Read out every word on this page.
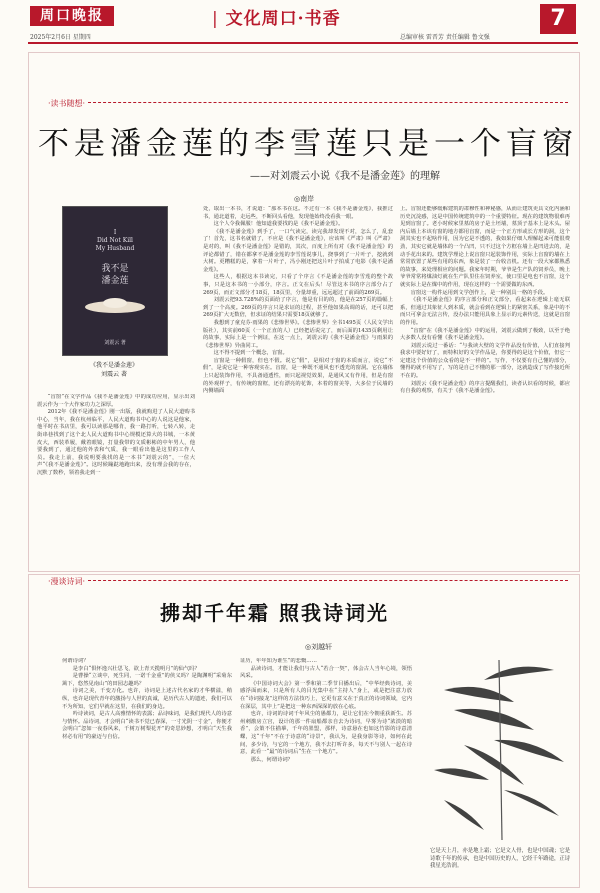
周口晚报	| 文化周口·书香	7
2025年2月6日 星期四	总编审核 雷晋芳 责任编辑 鲁文强
·读书随想·
不是潘金莲的李雪莲只是一个盲窗
——对刘震云小说《我不是潘金莲》的理解
◎南岸
I
Did Not Kill
My Husband
我不是
潘金莲
刘震云 著
《我不是潘金莲》
刘震云 著

“盲窗”在文学作品《我不是潘金莲》中的成功应用，显示出刘震云作为一个大作家功力之深厚。

2012年《我不是潘金莲》刚一出版，我就购进了人民大道购书中心，当年，我在杭州临平，人民大道购书中心的人说这是他家，他平时在书店里，我可以读那是哪肯，我一路打听，七转八转，走街串巷找到了这个北人民大道购书中心规模还算大的书城，一本黄皮大，西装革履，戴着眼镜，打量我带的文质彬彬的中年男人，他要我到了，通过他的外表和气质，我一眼看出他是这里的工作人员。我走上前，我说明要我找的是一本书“刘震云的”，一位大声“《我不是潘金莲》”。这时候蹦跶地跑出来，没有理会我的存在，沉默了数秒，领着我走到一

处，取出一本书，才说道：“那本书在这。不过有一本《我不是潘金莲》，我推过书，通北道着，走远些，不断回头看他，发现他始终没看我一眼。

这个人令我佩服！他知道我要找的是《我不是潘金莲》。

《我不是潘金莲》到手了，一口气读完，读完我却发现不对，怎么了，乱套了！首先，这书名就错了，不应是《我不是潘金莲》，应该叫《严肃》叫《严肃》是对的，叫《我不是潘金莲》是错的，其次，百度上所有对《我不是潘金莲》的评论都错了，错在都拿不是潘金莲的李雪莲说事儿，挠事到了一片叶子，挖就到大树。更糟糕的是，拿着一片叶子，冯小刚还把这片叶子拍成了电影《我不是潘金莲》。

这些人，根据这本书读完，只看了个序言《不是潘金莲的李雪莲的整个故事，只是这本书的一小部分，序言。正文在后头！尽管这本书的序言部分占了269页，而正文部分才18页，18页里，分量却重，远远超过了前面的269页。

刘震云把93.728%的页面给了序言，他是有目的的，他是在257页的篇幅上到了一个高度。269页的序言只是求证的过程，甚至他如果高调的话，还可以把269页扩大无数倍，但求证的结果只需要18页就够了。

我想到了童克芬·雨果的《悲惨世界》。《悲惨世界》全书1495页（人民文学出版社），其实前60页（一个正直的人）已经把话说完了，而后面的1435页剩用让的故事，实际上是一个例证，在这一点上，刘震云的《我不是潘金莲》与雨果的《悲惨世界》异曲同工。

这不得不提到一个概念，盲窗。

盲窗是一种假窗，但也不假。说它“假”，是相对于窗的本质而言，说它“不假”，是说它是一种客观实在。盲窗，是一种既不通风也不透光的窗洞。它在墙体上只起装饰作用，不具备通透性，而只起视觉效果，是通风又有作用，但是有窗的外观样子，有传统的窗框，还有漂亮的花饰，本着的窗美等，大多位于民墙的内侧墙面

上。盲窗还能够缓解建筑的肃穆性和神秘感，从而让建筑更具文化内涵和历史沉淀感，这是中国传统建筑中的一个重要特征。现在的建筑物很难再见到盲窗了。老小时候家里墓的房子是土坯墙，墓顶子基本上是木头。屋内后墙上本该有窗的地方都用盲窗，而是一个正方形或长方形的洞，这个洞其实也不起啥作用，因为它是不透的，我如果仔细人理解起来可能很费劲，其实它就是墙体的一个凸凹，只不过这个方框在墙上是凹进去的，是动手花出来的。建筑学理论上说盲窗只起装饰作用，实际上盲窗的墙在上常常放置了某些有用的东西，象是装了一台收音机。还有一段大家都熟悉的故事，来处理相应的问题。我家年时期，爷爷是生产队的饲养员，晚上爷爷常常将煤油灯就在生产队里住在饲养室，使口里是电也不盲窗，这个就实际上是在煤中的作用，现在这样的一个需要做的东西。

盲窗这一构件运用到文学创作上，是一种别具一格的手段。

《我不是潘金莲》的序言部分和正文部分，看起来在逻辑上毫无联系，但通过其象征人到本质，就会看到在逻辑上的紧密关系，象是中的不而只可拿会无法言传，没办法只能用具象上显示的元素传送，这就是盲窗的作用。

“盲窗”在《我不是潘金莲》中的运用，刘震云做到了极致，以至于绝大多数人没有看懂《我不是潘金莲》。

刘震云说过一番话：“与我读大壁的文学作品没有价值，人们直接判我求中要好好了，而特积好的文学作品是，你要得的是这个价值，但它一定建这个价值的公众看的是不一样的”。写作，不仅要有自己懂的部分，懂得的就不用写了，写的是自己不懂的那一部分，这就造成了写作接近所不在的。

刘震云《我不是潘金莲》的序言提醒我们，读者认识看的时候，都应有自我的观察，有关于《我不是潘金莲》。

·漫谈诗词·
拂却千年霜 照我诗词光
◎刘越轩

何谓诗词？

是李白“俱怀逸兴壮思飞，欲上青天揽明月”的仙气吗？

是曹操“立谈中，死生同，一诺千金重”的侠义吗？是陶渊明“采菊东篱下，悠然见南山”的田园志趣吗？

诗词之美，千变万化。也许，诗词是上述古代名家的才华横溢，稍纵，也许是现代青年的激扬与人世的真诚，是历代古人的遗迹，我们可以不为所知，它们早就在这里，在我们的身边。

吟诗读词，是古人高雅情怀的表露；品诗味词，是我们现代人的诗意与情怀。品诗词，才会明白“读书不觉已春深，一寸光阴一寸金”，你便才会明白“忽如一夜春风来，千树万树梨花开”的奇思妙想，才明白“天生我材必有用”的豪迈与自信。

证历，年年知为谁生”的悲慨……

品读诗词，才能让我们与古人“若合一契”，体会古人当年心境，领悟风采。

《中国诗词大会》第一季和第二季节目播出后，“中华经典诗词，美感浮面而来，只是所有人的目光集中在“主持人”身上，或是把注意力放在“诗词接龙”这样的方法技巧上，它更有意义在于真正的诗词领域，它内在深层，其中上”是把这一种东西深深的放在心底。

也许，诗词的诗词千年风尘的愚都力，是让它们在今朝重获新生。苏州刺激房立宫，设计的那一件扇船都亲自去为诗词，早雾为诗“浓淡的暗香”，会策不住描摹，千年的墨盟，那样，诗意悬在也如这竹影的诗意清蝶，这“千年”不在于诗意的“诗景”，我认为，是我身影等诗，如何在此间，多少诗，与它的一个地方，我不去打听许多，每天不与别人一起在诗意，此看一“最”的诗词后“生在一个地方”。

那么，何谓诗词？

它是天上月，亦是地上霜；它是文人骨，也是中国魂；它是诗歌千年的传承，也是中国历史的人，它经千年路途，正诗我星光浩润。
